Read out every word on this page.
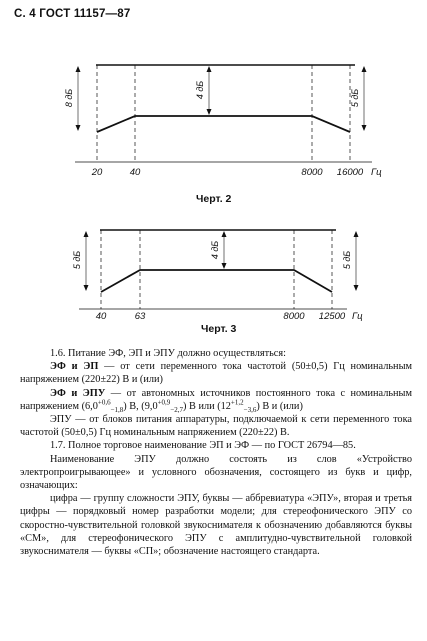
С. 4 ГОСТ 11157—87
8 дБ	4 дБ	5 дБ
20	40	8000 16000 Гц
Черт. 2
5 дБ
4 дБ
5 дБ
40	63	8000 12500 Гц
Черт. 3

1.6. Питание ЭФ, ЭП и ЭПУ должно осуществляться:

ЭФ и ЭП — от сети переменного тока частотой (50±0,5) Гц номинальным напряжением (220±22) В и (или)

ЭФ и ЭПУ — от автономных источников постоянного тока с номинальным напряжением $(6,0^{+0,6}_{-1,8})$ В, $(9,0^{+0,9}_{-2,7})$ В или $(12^{+1,2}_{-3,6})$ В и (или)

ЭПУ — от блоков питания аппаратуры, подключаемой к сети переменного тока частотой (50±0,5) Гц номинальным напряжением (220±22) В.

1.7. Полное торговое наименование ЭП и ЭФ — по ГОСТ 26794—85.

Наименование ЭПУ должно состоять из слов «Устройство электропроигрывающее» и условного обозначения, состоящего из букв и цифр, означающих:

цифра — группу сложности ЭПУ, буквы — аббревиатура «ЭПУ», вторая и третья цифры — порядковый номер разработки модели; для стереофонического ЭПУ со скоростно-чувствительной головкой звукоснимателя к обозначению добавляются буквы «СМ», для стереофонического ЭПУ с амплитудно-чувствительной головкой звукоснимателя — буквы «СП»; обозначение настоящего стандарта.
